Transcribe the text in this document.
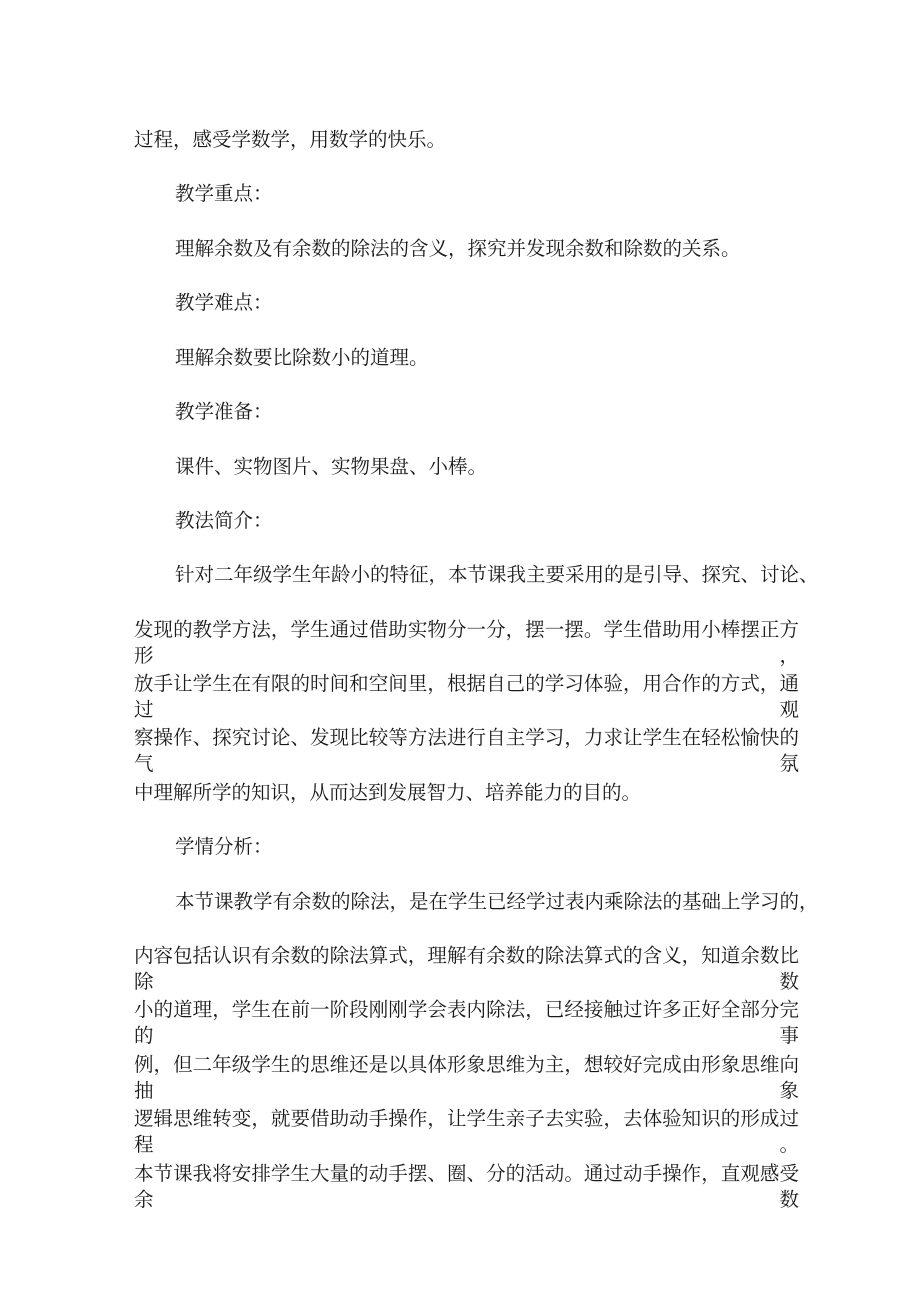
过程，感受学数学，用数学的快乐。
教学重点：
理解余数及有余数的除法的含义，探究并发现余数和除数的关系。
教学难点：
理解余数要比除数小的道理。
教学准备：
课件、实物图片、实物果盘、小棒。
教法简介：
针对二年级学生年龄小的特征，本节课我主要采用的是引导、探究、讨论、
发现的教学方法，学生通过借助实物分一分，摆一摆。学生借助用小棒摆正方形，
放手让学生在有限的时间和空间里，根据自己的学习体验，用合作的方式，通过观
察操作、探究讨论、发现比较等方法进行自主学习，力求让学生在轻松愉快的气氛
中理解所学的知识，从而达到发展智力、培养能力的目的。
学情分析：
本节课教学有余数的除法，是在学生已经学过表内乘除法的基础上学习的，
内容包括认识有余数的除法算式，理解有余数的除法算式的含义，知道余数比除数
小的道理，学生在前一阶段刚刚学会表内除法，已经接触过许多正好全部分完的事
例，但二年级学生的思维还是以具体形象思维为主，想较好完成由形象思维向抽象
逻辑思维转变，就要借助动手操作，让学生亲子去实验，去体验知识的形成过程。
本节课我将安排学生大量的动手摆、圈、分的活动。通过动手操作，直观感受余数
